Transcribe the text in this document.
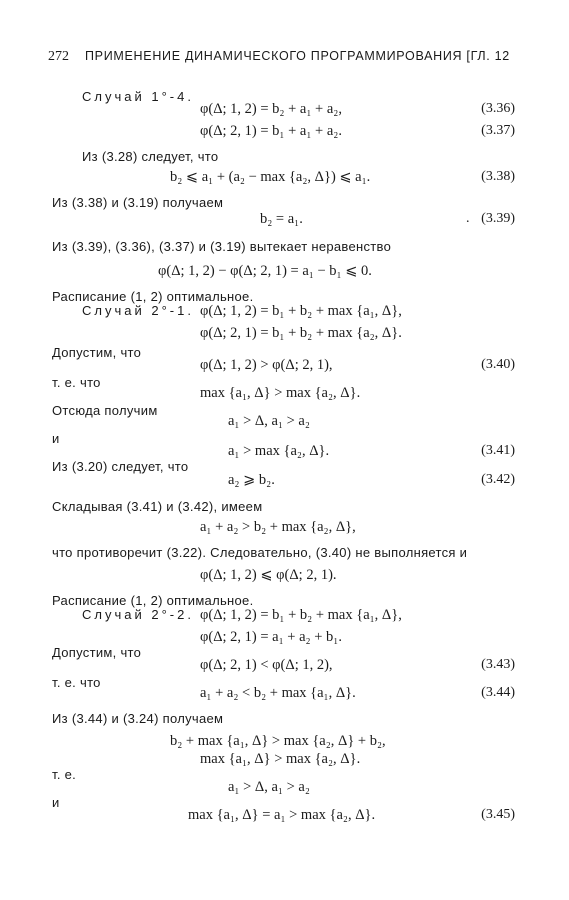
272 ПРИМЕНЕНИЕ ДИНАМИЧЕСКОГО ПРОГРАММИРОВАНИЯ [ГЛ. 12
Случай 1°-4.
φ(Δ; 1, 2) = b₂ + a₁ + a₂,	(3.36)
φ(Δ; 2, 1) = b₁ + a₁ + a₂.	(3.37)
Из (3.28) следует, что
b₂ ⩽ a₁ + (a₂ − max {a₂, Δ}) ⩽ a₁.	(3.38)
Из (3.38) и (3.19) получаем
b₂ = a₁.	. (3.39)
Из (3.39), (3.36), (3.37) и (3.19) вытекает неравенство
φ(Δ; 1, 2) − φ(Δ; 2, 1) = a₁ − b₁ ⩽ 0.
Расписание (1, 2) оптимальное.
Случай 2°-1. φ(Δ; 1, 2) = b₁ + b₂ + max {a₁, Δ},
φ(Δ; 2, 1) = b₁ + b₂ + max {a₂, Δ}.
Допустим, что
φ(Δ; 1, 2) > φ(Δ; 2, 1),	(3.40)
т. е. что
max {a₁, Δ} > max {a₂, Δ}.
Отсюда получим
a₁ > Δ, a₁ > a₂
и
a₁ > max {a₂, Δ}.	(3.41)
Из (3.20) следует, что
a₂ ⩾ b₂.	(3.42)
Складывая (3.41) и (3.42), имеем
a₁ + a₂ > b₂ + max {a₂, Δ},
что противоречит (3.22). Следовательно, (3.40) не выполняется и
φ(Δ; 1, 2) ⩽ φ(Δ; 2, 1).
Расписание (1, 2) оптимальное.
Случай 2°-2. φ(Δ; 1, 2) = b₁ + b₂ + max {a₁, Δ},
φ(Δ; 2, 1) = a₁ + a₂ + b₁.
Допустим, что
φ(Δ; 2, 1) < φ(Δ; 1, 2),	(3.43)
т. е. что
a₁ + a₂ < b₂ + max {a₁, Δ}.	(3.44)
Из (3.44) и (3.24) получаем
b₂ + max {a₁, Δ} > max {a₂, Δ} + b₂,
max {a₁, Δ} > max {a₂, Δ}.
т. е.
a₁ > Δ, a₁ > a₂
и
max {a₁, Δ} = a₁ > max {a₂, Δ}.	(3.45)
